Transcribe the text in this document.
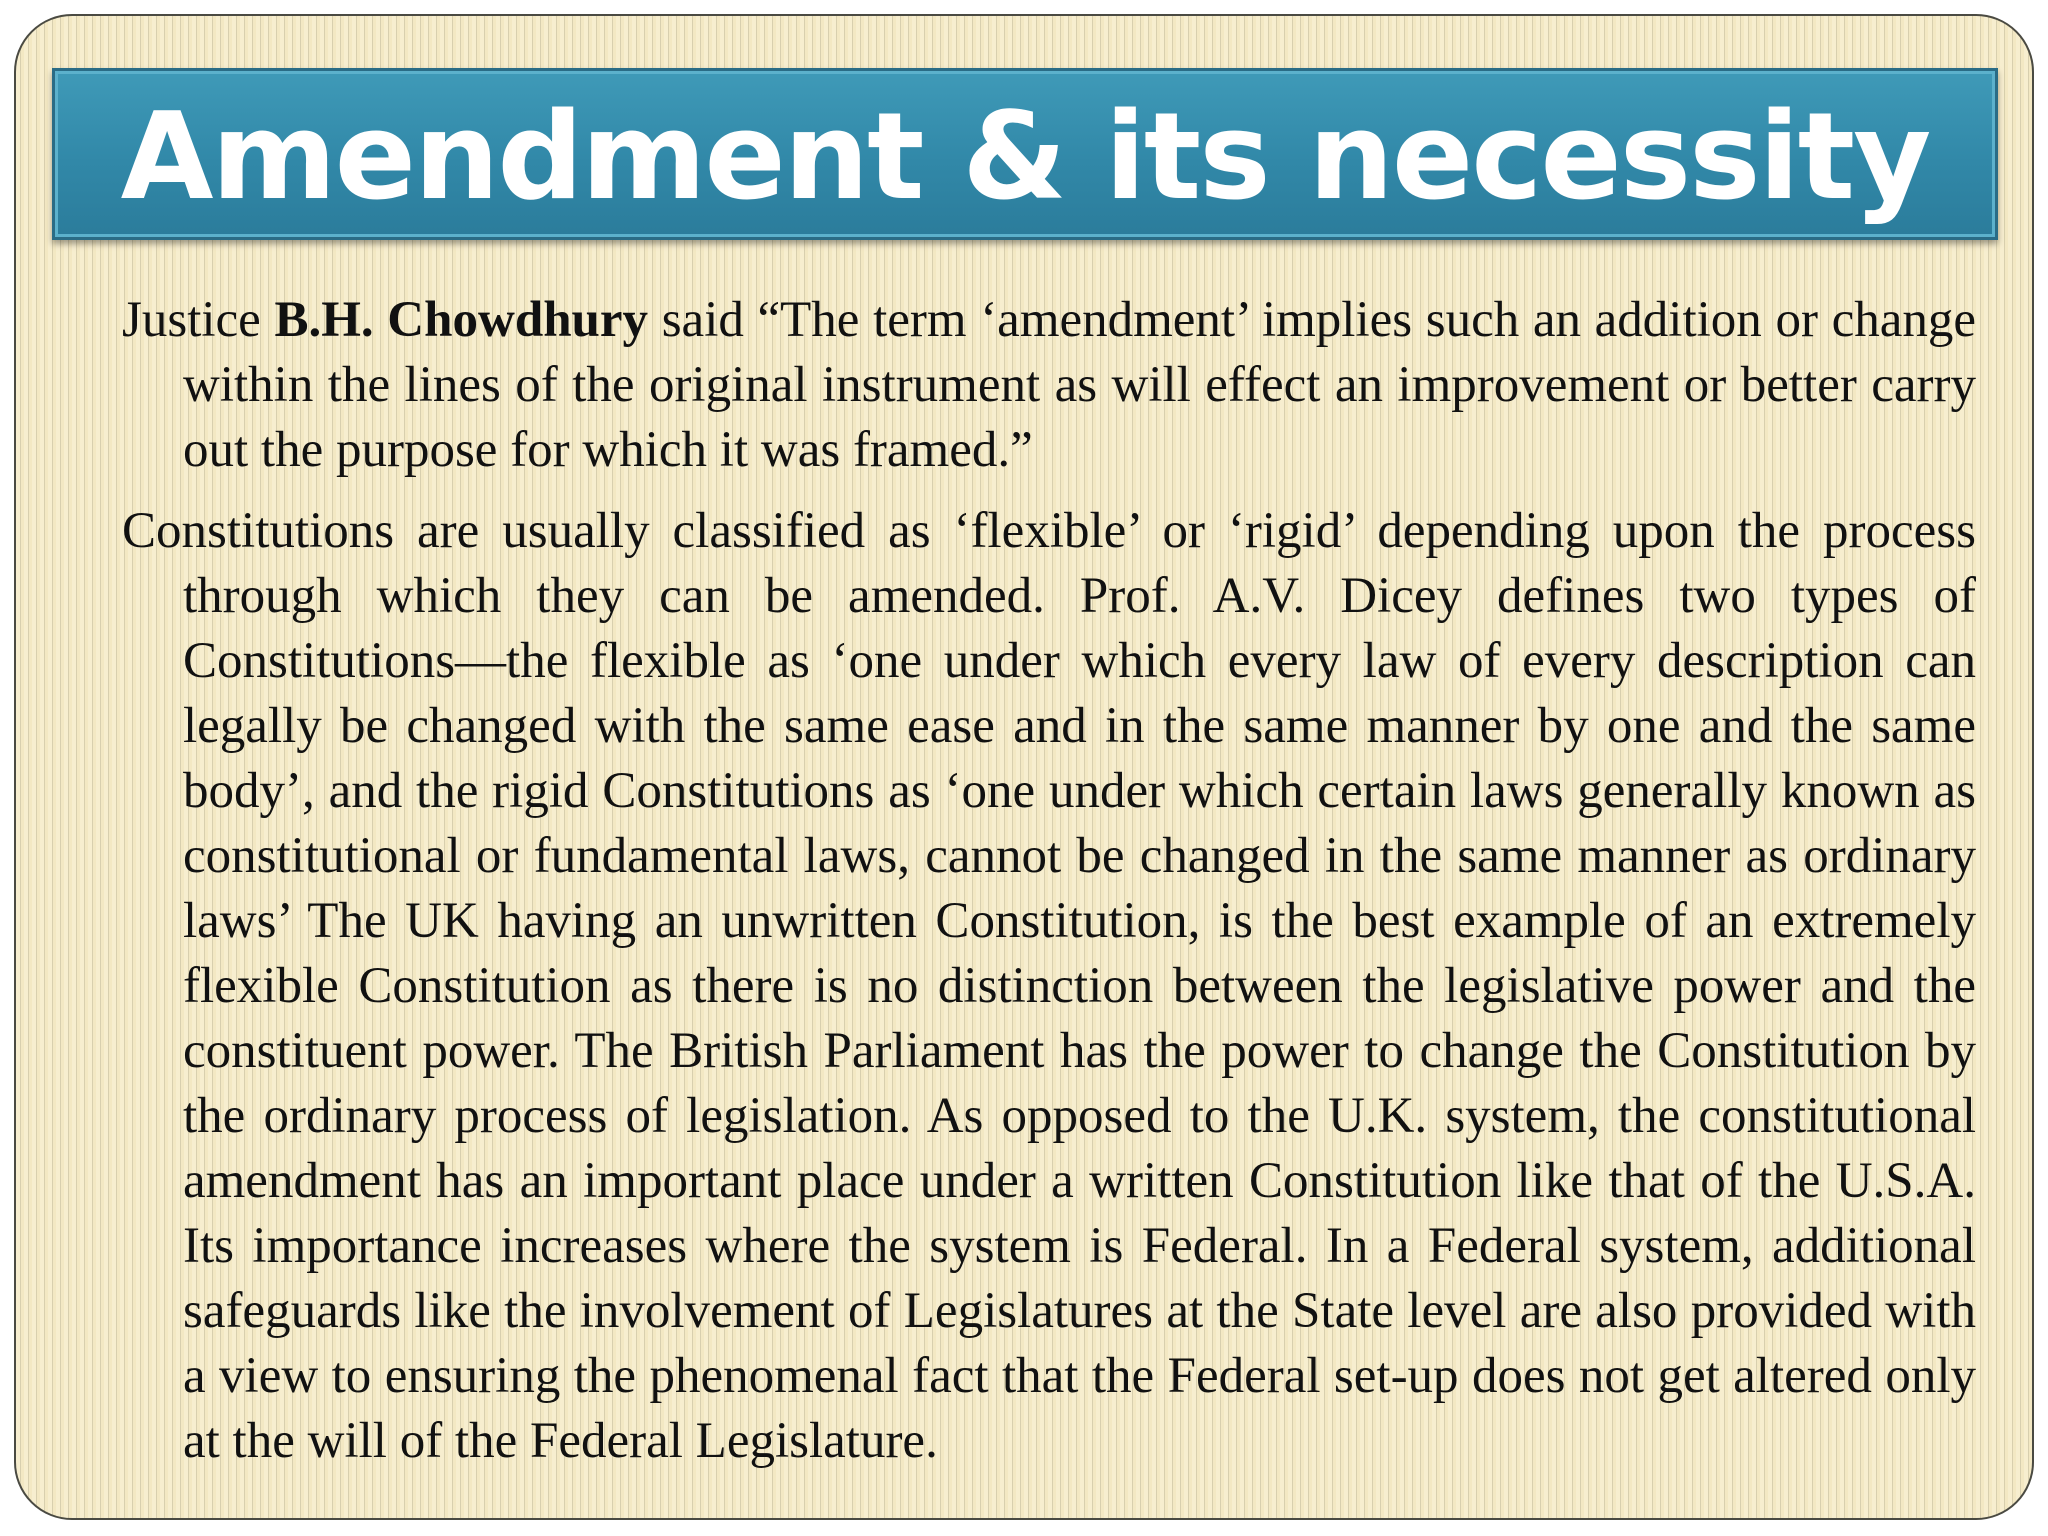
Amendment & its necessity

Justice B.H. Chowdhury said “The term ‘amendment’ implies such an addition or change within the lines of the original instrument as will effect an improvement or better carry out the purpose for which it was framed.”

Constitutions are usually classified as ‘flexible’ or ‘rigid’ depending upon the process through which they can be amended. Prof. A.V. Dicey defines two types of Constitutions—the flexible as ‘one under which every law of every description can legally be changed with the same ease and in the same manner by one and the same body’, and the rigid Constitutions as ‘one under which certain laws generally known as constitutional or fundamental laws, cannot be changed in the same manner as ordinary laws’ The UK having an unwritten Constitution, is the best example of an extremely flexible Constitution as there is no distinction between the legislative power and the constituent power. The British Parliament has the power to change the Constitution by the ordinary process of legislation. As opposed to the U.K. system, the constitutional amendment has an important place under a written Constitution like that of the U.S.A. Its importance increases where the system is Federal. In a Federal system, additional safeguards like the involvement of Legislatures at the State level are also provided with a view to ensuring the phenomenal fact that the Federal set-up does not get altered only at the will of the Federal Legislature.
